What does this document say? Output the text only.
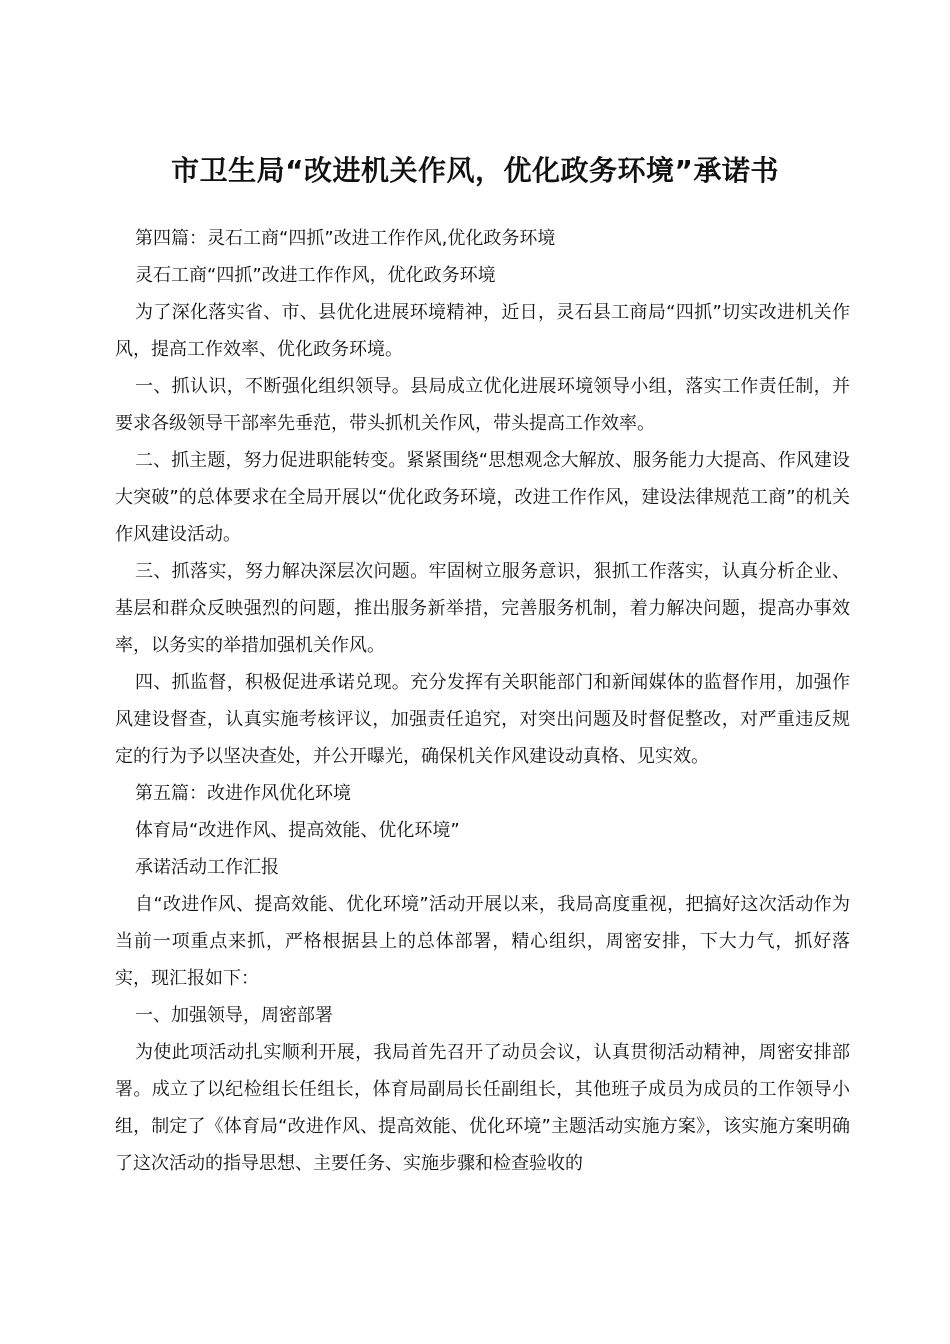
市卫生局“改进机关作风，优化政务环境”承诺书

第四篇：灵石工商“四抓”改进工作作风,优化政务环境

灵石工商“四抓”改进工作作风，优化政务环境

为了深化落实省、市、县优化进展环境精神，近日，灵石县工商局“四抓”切实改进机关作风，提高工作效率、优化政务环境。

一、抓认识，不断强化组织领导。县局成立优化进展环境领导小组，落实工作责任制，并要求各级领导干部率先垂范，带头抓机关作风，带头提高工作效率。

二、抓主题，努力促进职能转变。紧紧围绕“思想观念大解放、服务能力大提高、作风建设大突破”的总体要求在全局开展以“优化政务环境，改进工作作风，建设法律规范工商”的机关作风建设活动。

三、抓落实，努力解决深层次问题。牢固树立服务意识，狠抓工作落实，认真分析企业、基层和群众反映强烈的问题，推出服务新举措，完善服务机制，着力解决问题，提高办事效率，以务实的举措加强机关作风。

四、抓监督，积极促进承诺兑现。充分发挥有关职能部门和新闻媒体的监督作用，加强作风建设督查，认真实施考核评议，加强责任追究，对突出问题及时督促整改，对严重违反规定的行为予以坚决查处，并公开曝光，确保机关作风建设动真格、见实效。

第五篇：改进作风优化环境

体育局“改进作风、提高效能、优化环境”

承诺活动工作汇报

自“改进作风、提高效能、优化环境”活动开展以来，我局高度重视，把搞好这次活动作为当前一项重点来抓，严格根据县上的总体部署，精心组织，周密安排，下大力气，抓好落实，现汇报如下：

一、加强领导，周密部署

为使此项活动扎实顺利开展，我局首先召开了动员会议，认真贯彻活动精神，周密安排部署。成立了以纪检组长任组长，体育局副局长任副组长，其他班子成员为成员的工作领导小组，制定了《体育局“改进作风、提高效能、优化环境”主题活动实施方案》，该实施方案明确了这次活动的指导思想、主要任务、实施步骤和检查验收的
